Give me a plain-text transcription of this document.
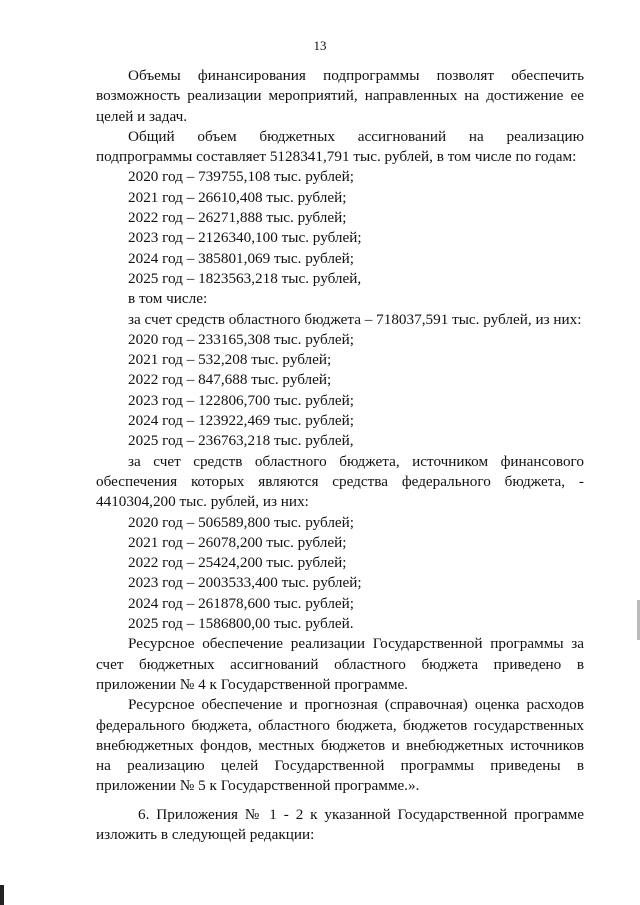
13

Объемы финансирования подпрограммы позволят обеспечить возможность реализации мероприятий, направленных на достижение ее целей и задач.

Общий объем бюджетных ассигнований на реализацию подпрограммы составляет 5128341,791 тыс. рублей, в том числе по годам:

2020 год – 739755,108 тыс. рублей;

2021 год – 26610,408 тыс. рублей;

2022 год – 26271,888 тыс. рублей;

2023 год – 2126340,100 тыс. рублей;

2024 год – 385801,069 тыс. рублей;

2025 год – 1823563,218 тыс. рублей,

в том числе:

за счет средств областного бюджета – 718037,591 тыс. рублей, из них:

2020 год – 233165,308 тыс. рублей;

2021 год – 532,208 тыс. рублей;

2022 год – 847,688 тыс. рублей;

2023 год – 122806,700 тыс. рублей;

2024 год – 123922,469 тыс. рублей;

2025 год – 236763,218 тыс. рублей,

за счет средств областного бюджета, источником финансового обеспечения которых являются средства федерального бюджета, - 4410304,200 тыс. рублей, из них:

2020 год – 506589,800 тыс. рублей;

2021 год – 26078,200 тыс. рублей;

2022 год – 25424,200 тыс. рублей;

2023 год – 2003533,400 тыс. рублей;

2024 год – 261878,600 тыс. рублей;

2025 год – 1586800,00 тыс. рублей.

Ресурсное обеспечение реализации Государственной программы за счет бюджетных ассигнований областного бюджета приведено в приложении № 4 к Государственной программе.

Ресурсное обеспечение и прогнозная (справочная) оценка расходов федерального бюджета, областного бюджета, бюджетов государственных внебюджетных фондов, местных бюджетов и внебюджетных источников на реализацию целей Государственной программы приведены в приложении № 5 к Государственной программе.».

6. Приложения № 1 - 2 к указанной Государственной программе изложить в следующей редакции:
